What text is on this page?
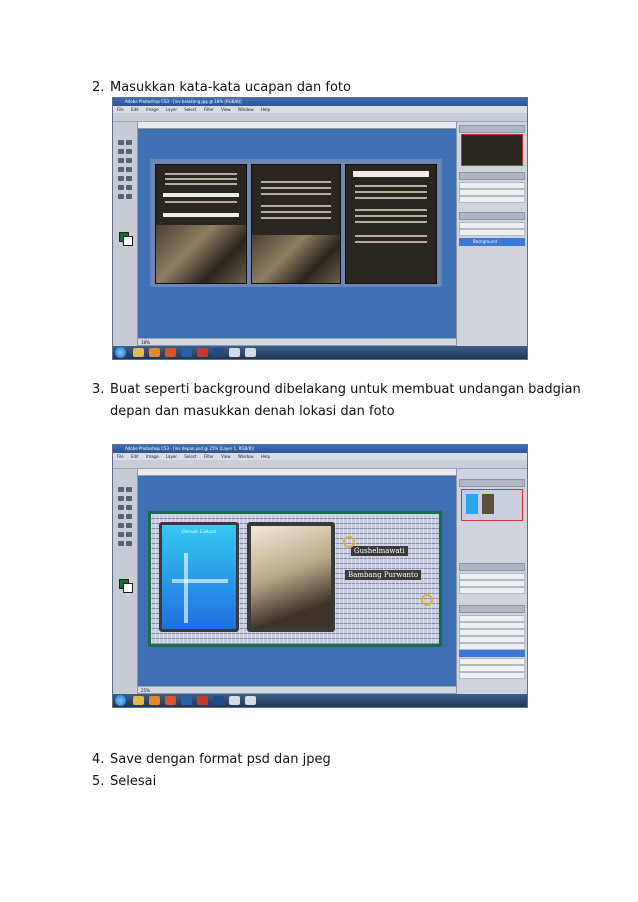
2. Masukkan kata-kata ucapan dan foto
Adobe Photoshop CS3 - [inv belakang.jpg @ 18% (RGB/8)]
File Edit Image Layer Select Filter View Window Help
18%
Background
3. Buat seperti background dibelakang untuk membuat undangan badgian
depan dan masukkan denah lokasi dan foto
Adobe Photoshop CS3 - [inv depan.psd @ 25% (Layer 1, RGB/8)]
File Edit Image Layer Select Filter View Window Help
Denah Lokasi
Gushelmawati
Bambang Purwanto
25%
4. Save dengan format psd dan jpeg
5. Selesai
